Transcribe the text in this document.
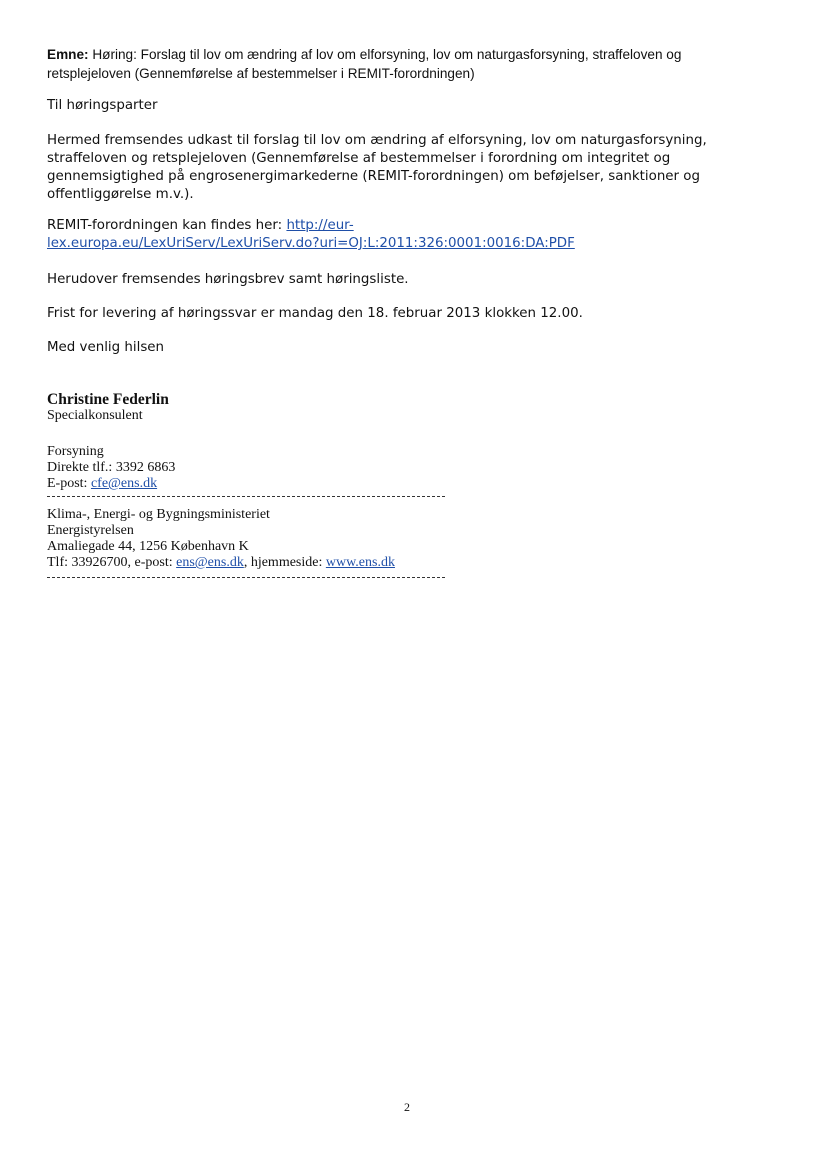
Emne: Høring: Forslag til lov om ændring af lov om elforsyning, lov om naturgasforsyning, straffeloven og retsplejeloven (Gennemførelse af bestemmelser i REMIT-forordningen)

Til høringsparter

Hermed fremsendes udkast til forslag til lov om ændring af elforsyning, lov om naturgasforsyning, straffeloven og retsplejeloven (Gennemførelse af bestemmelser i forordning om integritet og gennemsigtighed på engrosenergimarkederne (REMIT-forordningen) om beføjelser, sanktioner og offentliggørelse m.v.).

REMIT-forordningen kan findes her: http://eur-
lex.europa.eu/LexUriServ/LexUriServ.do?uri=OJ:L:2011:326:0001:0016:DA:PDF

Herudover fremsendes høringsbrev samt høringsliste.

Frist for levering af høringssvar er mandag den 18. februar 2013 klokken 12.00.

Med venlig hilsen

Christine Federlin
Specialkonsulent
Forsyning
Direkte tlf.: 3392 6863
E-post: cfe@ens.dk
Klima-, Energi- og Bygningsministeriet
Energistyrelsen
Amaliegade 44, 1256 København K
Tlf: 33926700, e-post: ens@ens.dk, hjemmeside: www.ens.dk
2
